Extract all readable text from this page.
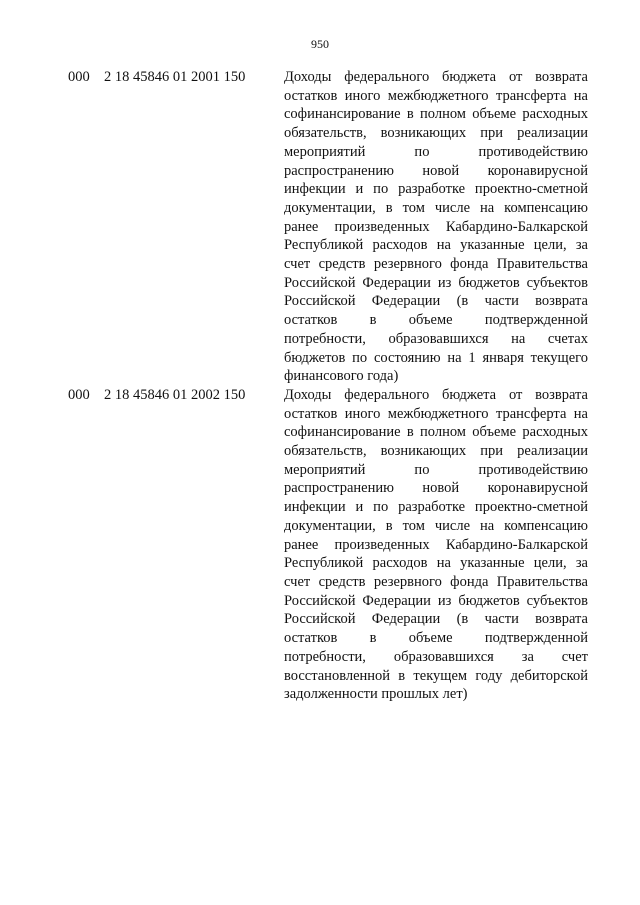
950
000 2 18 45846 01 2001 150	Доходы федерального бюджета от возврата
остатков иного межбюджетного трансферта на
софинансирование в полном объеме расходных
обязательств, возникающих при реализации
мероприятий по противодействию
распространению новой коронавирусной
инфекции и по разработке проектно-сметной
документации, в том числе на компенсацию
ранее произведенных Кабардино-Балкарской
Республикой расходов на указанные цели, за
счет средств резервного фонда Правительства
Российской Федерации из бюджетов субъектов
Российской Федерации (в части возврата
остатков в объеме подтвержденной
потребности, образовавшихся на счетах
бюджетов по состоянию на 1 января текущего
финансового года)
000 2 18 45846 01 2002 150	Доходы федерального бюджета от возврата
остатков иного межбюджетного трансферта на
софинансирование в полном объеме расходных
обязательств, возникающих при реализации
мероприятий по противодействию
распространению новой коронавирусной
инфекции и по разработке проектно-сметной
документации, в том числе на компенсацию
ранее произведенных Кабардино-Балкарской
Республикой расходов на указанные цели, за
счет средств резервного фонда Правительства
Российской Федерации из бюджетов субъектов
Российской Федерации (в части возврата
остатков в объеме подтвержденной
потребности, образовавшихся за счет
восстановленной в текущем году дебиторской
задолженности прошлых лет)
